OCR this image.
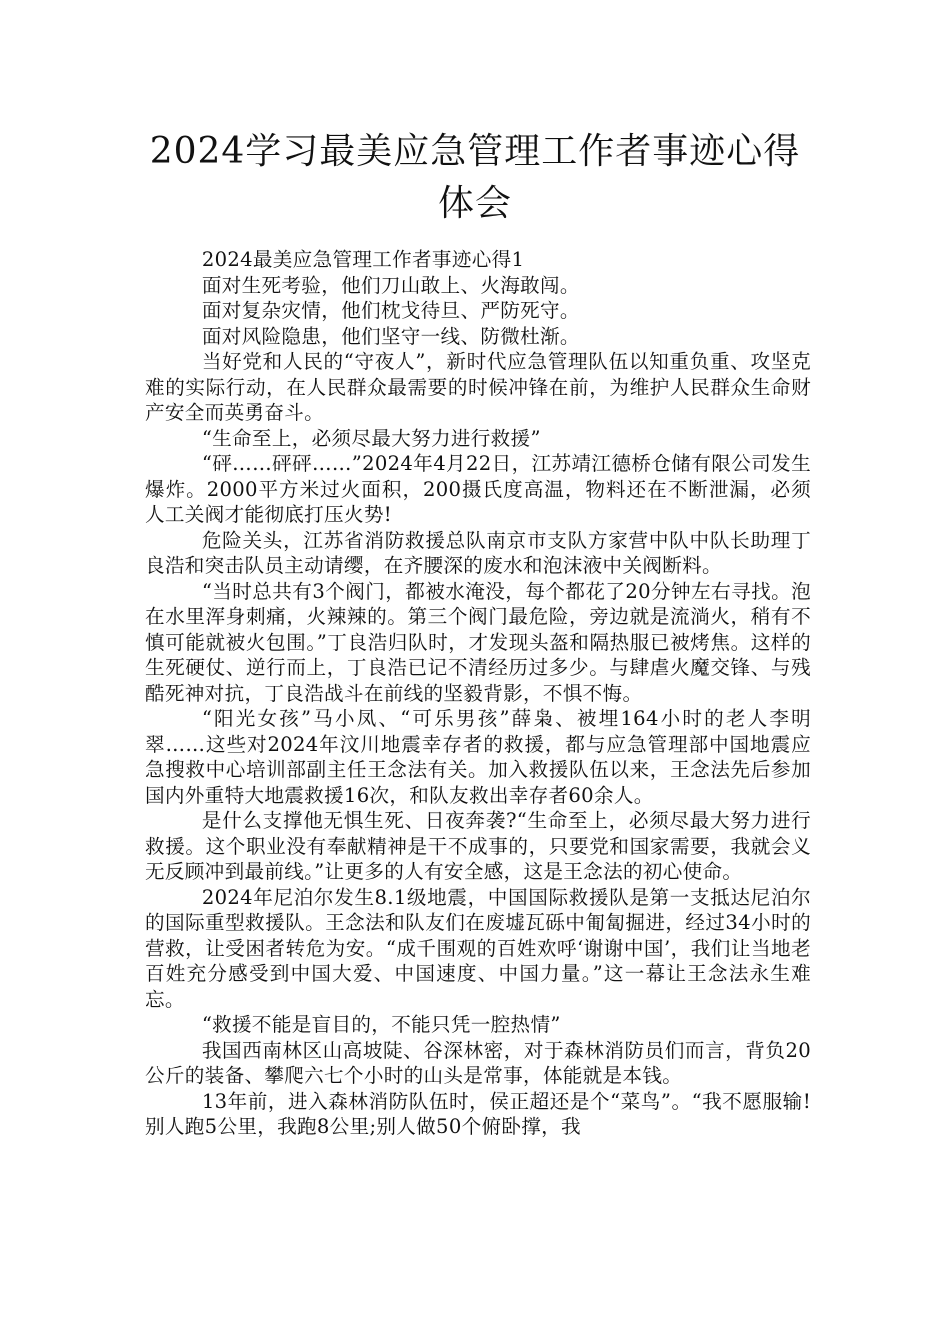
2024学习最美应急管理工作者事迹心得体会

2024最美应急管理工作者事迹心得1

面对生死考验，他们刀山敢上、火海敢闯。

面对复杂灾情，他们枕戈待旦、严防死守。

面对风险隐患，他们坚守一线、防微杜渐。

当好党和人民的“守夜人”，新时代应急管理队伍以知重负重、攻坚克难的实际行动，在人民群众最需要的时候冲锋在前，为维护人民群众生命财产安全而英勇奋斗。

“生命至上，必须尽最大努力进行救援”

“砰……砰砰……”2024年4月22日，江苏靖江德桥仓储有限公司发生爆炸。2000平方米过火面积，200摄氏度高温，物料还在不断泄漏，必须人工关阀才能彻底打压火势!

危险关头，江苏省消防救援总队南京市支队方家营中队中队长助理丁良浩和突击队员主动请缨，在齐腰深的废水和泡沫液中关阀断料。

“当时总共有3个阀门，都被水淹没，每个都花了20分钟左右寻找。泡在水里浑身刺痛，火辣辣的。第三个阀门最危险，旁边就是流淌火，稍有不慎可能就被火包围。”丁良浩归队时，才发现头盔和隔热服已被烤焦。这样的生死硬仗、逆行而上，丁良浩已记不清经历过多少。与肆虐火魔交锋、与残酷死神对抗，丁良浩战斗在前线的坚毅背影，不惧不悔。

“阳光女孩”马小凤、“可乐男孩”薛枭、被埋164小时的老人李明翠……这些对2024年汶川地震幸存者的救援，都与应急管理部中国地震应急搜救中心培训部副主任王念法有关。加入救援队伍以来，王念法先后参加国内外重特大地震救援16次，和队友救出幸存者60余人。

是什么支撑他无惧生死、日夜奔袭?“生命至上，必须尽最大努力进行救援。这个职业没有奉献精神是干不成事的，只要党和国家需要，我就会义无反顾冲到最前线。”让更多的人有安全感，这是王念法的初心使命。

2024年尼泊尔发生8.1级地震，中国国际救援队是第一支抵达尼泊尔的国际重型救援队。王念法和队友们在废墟瓦砾中匍匐掘进，经过34小时的营救，让受困者转危为安。“成千围观的百姓欢呼‘谢谢中国’，我们让当地老百姓充分感受到中国大爱、中国速度、中国力量。”这一幕让王念法永生难忘。

“救援不能是盲目的，不能只凭一腔热情”

我国西南林区山高坡陡、谷深林密，对于森林消防员们而言，背负20公斤的装备、攀爬六七个小时的山头是常事，体能就是本钱。

13年前，进入森林消防队伍时，侯正超还是个“菜鸟”。“我不愿服输!别人跑5公里，我跑8公里;别人做50个俯卧撑，我
